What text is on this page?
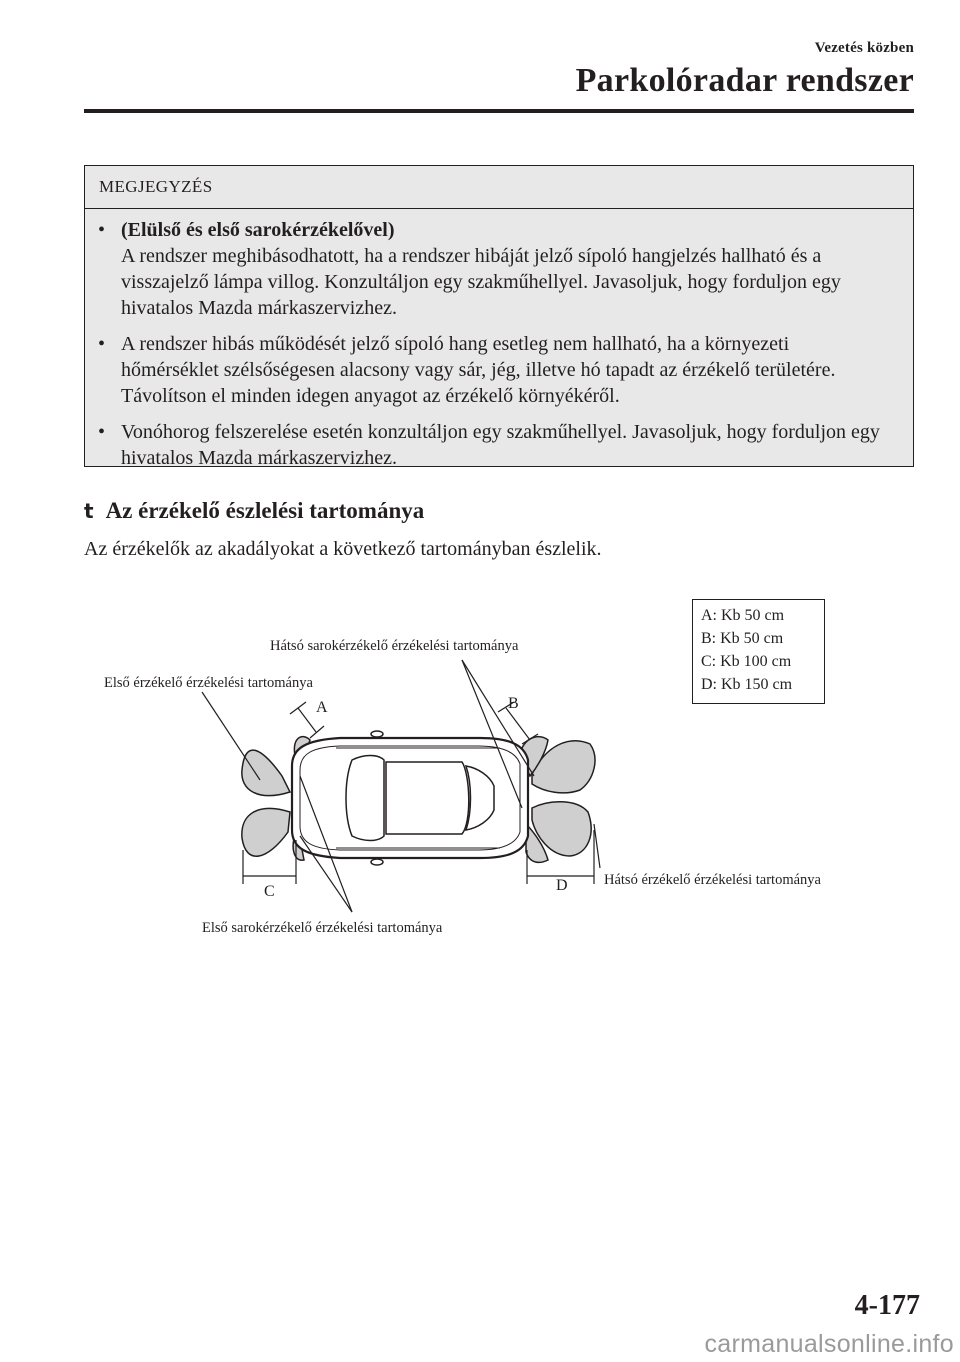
Vezetés közben
Parkolóradar rendszer
MEGJEGYZÉS
• (Elülső és első sarokérzékelővel)
A rendszer meghibásodhatott, ha a rendszer hibáját jelző sípoló hangjelzés hallható és a visszajelző lámpa villog. Konzultáljon egy szakműhellyel. Javasoljuk, hogy forduljon egy hivatalos Mazda márkaszervizhez.
• A rendszer hibás működését jelző sípoló hang esetleg nem hallható, ha a környezeti hőmérséklet szélsőségesen alacsony vagy sár, jég, illetve hó tapadt az érzékelő területére. Távolítson el minden idegen anyagot az érzékelő környékéről.
• Vonóhorog felszerelése esetén konzultáljon egy szakműhellyel. Javasoljuk, hogy forduljon egy hivatalos Mazda márkaszervizhez.
t Az érzékelő észlelési tartománya
Az érzékelők az akadályokat a következő tartományban észlelik.
Hátsó sarokérzékelő érzékelési tartománya
Első érzékelő érzékelési tartománya
Hátsó érzékelő érzékelési tartománya
Első sarokérzékelő érzékelési tartománya
A	B
C	D
A: Kb 50 cm
B: Kb 50 cm
C: Kb 100 cm
D: Kb 150 cm
4-177
carmanualsonline.info
